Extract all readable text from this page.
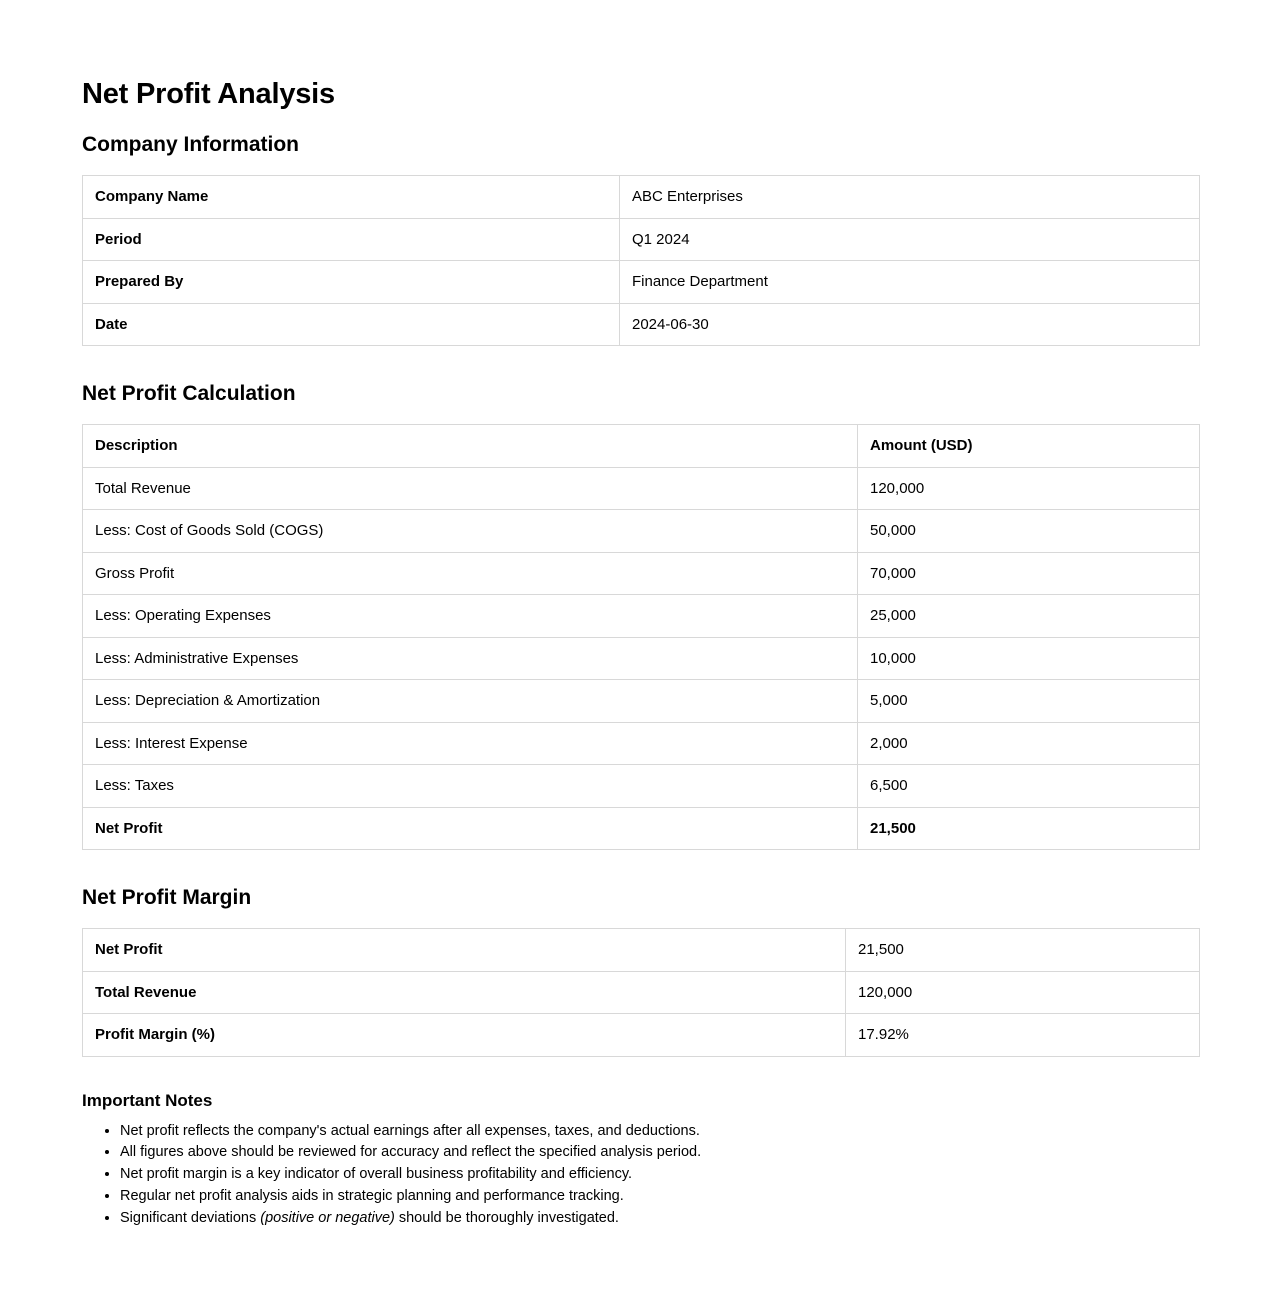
Net Profit Analysis
Company Information
Company Name	ABC Enterprises
Period	Q1 2024
Prepared By	Finance Department
Date	2024-06-30
Net Profit Calculation
Description	Amount (USD)
Total Revenue	120,000
Less: Cost of Goods Sold (COGS)	50,000
Gross Profit	70,000
Less: Operating Expenses	25,000
Less: Administrative Expenses	10,000
Less: Depreciation & Amortization	5,000
Less: Interest Expense	2,000
Less: Taxes	6,500
Net Profit	21,500
Net Profit Margin
Net Profit	21,500
Total Revenue	120,000
Profit Margin (%)	17.92%
Important Notes
• Net profit reflects the company's actual earnings after all expenses, taxes, and deductions.
• All figures above should be reviewed for accuracy and reflect the specified analysis period.
• Net profit margin is a key indicator of overall business profitability and efficiency.
• Regular net profit analysis aids in strategic planning and performance tracking.
• Significant deviations (positive or negative) should be thoroughly investigated.
